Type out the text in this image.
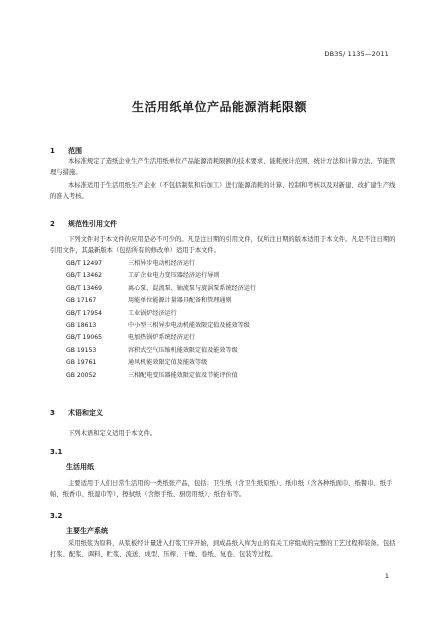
DB35/ 1135—2011
生活用纸单位产品能源消耗限额
1 范围
本标准规定了造纸企业生产生活用纸单位产品能源消耗限额的技术要求、能耗统计范围、统计方法和计算方法、节能管理与措施。
本标准适用于生活用纸生产企业（不包括制浆和后加工）进行能源消耗的计算、控制和考核以及对新建、改扩建生产线的准入考核。
2 规范性引用文件
下列文件对于本文件的应用是必不可少的。凡是注日期的引用文件，仅所注日期的版本适用于本文件。凡是不注日期的引用文件，其最新版本（包括所有的修改单）适用于本文件。
GB/T 12497	三相异步电动机经济运行
GB/T 13462	工矿企业电力变压器经济运行导则
GB/T 13469	离心泵、混流泵、轴流泵与旋涡泵系统经济运行
GB 17167	用能单位能源计量器具配备和管理通则
GB/T 17954	工业锅炉经济运行
GB 18613	中小型三相异步电动机能效限定值及能效等级
GB/T 19065	电加热锅炉系统经济运行
GB 19153	容积式空气压缩机能效限定值及能效等级
GB 19761	通风机能效限定值及能效等级
GB 20052	三相配电变压器能效限定值及节能评价值
3 术语和定义
下列术语和定义适用于本文件。
3.1
生活用纸
主要适用于人们日常生活用的一类纸张产品，包括：卫生纸（含卫生纸原纸）、纸巾纸（含各种纸面巾、纸餐巾、纸手帕、纸香巾、纸湿巾等）、擦拭纸（含擦手纸、厨房用纸）、纸台布等。
3.2
主要生产系统
采用纸浆为原料，从浆板经计量进入打浆工序开始，到成品纸入库为止的有关工序组成的完整的工艺过程和装备。包括打浆、配浆、调料、贮浆、流送、成型、压榨、干燥、卷纸、复卷、包装等过程。
1
